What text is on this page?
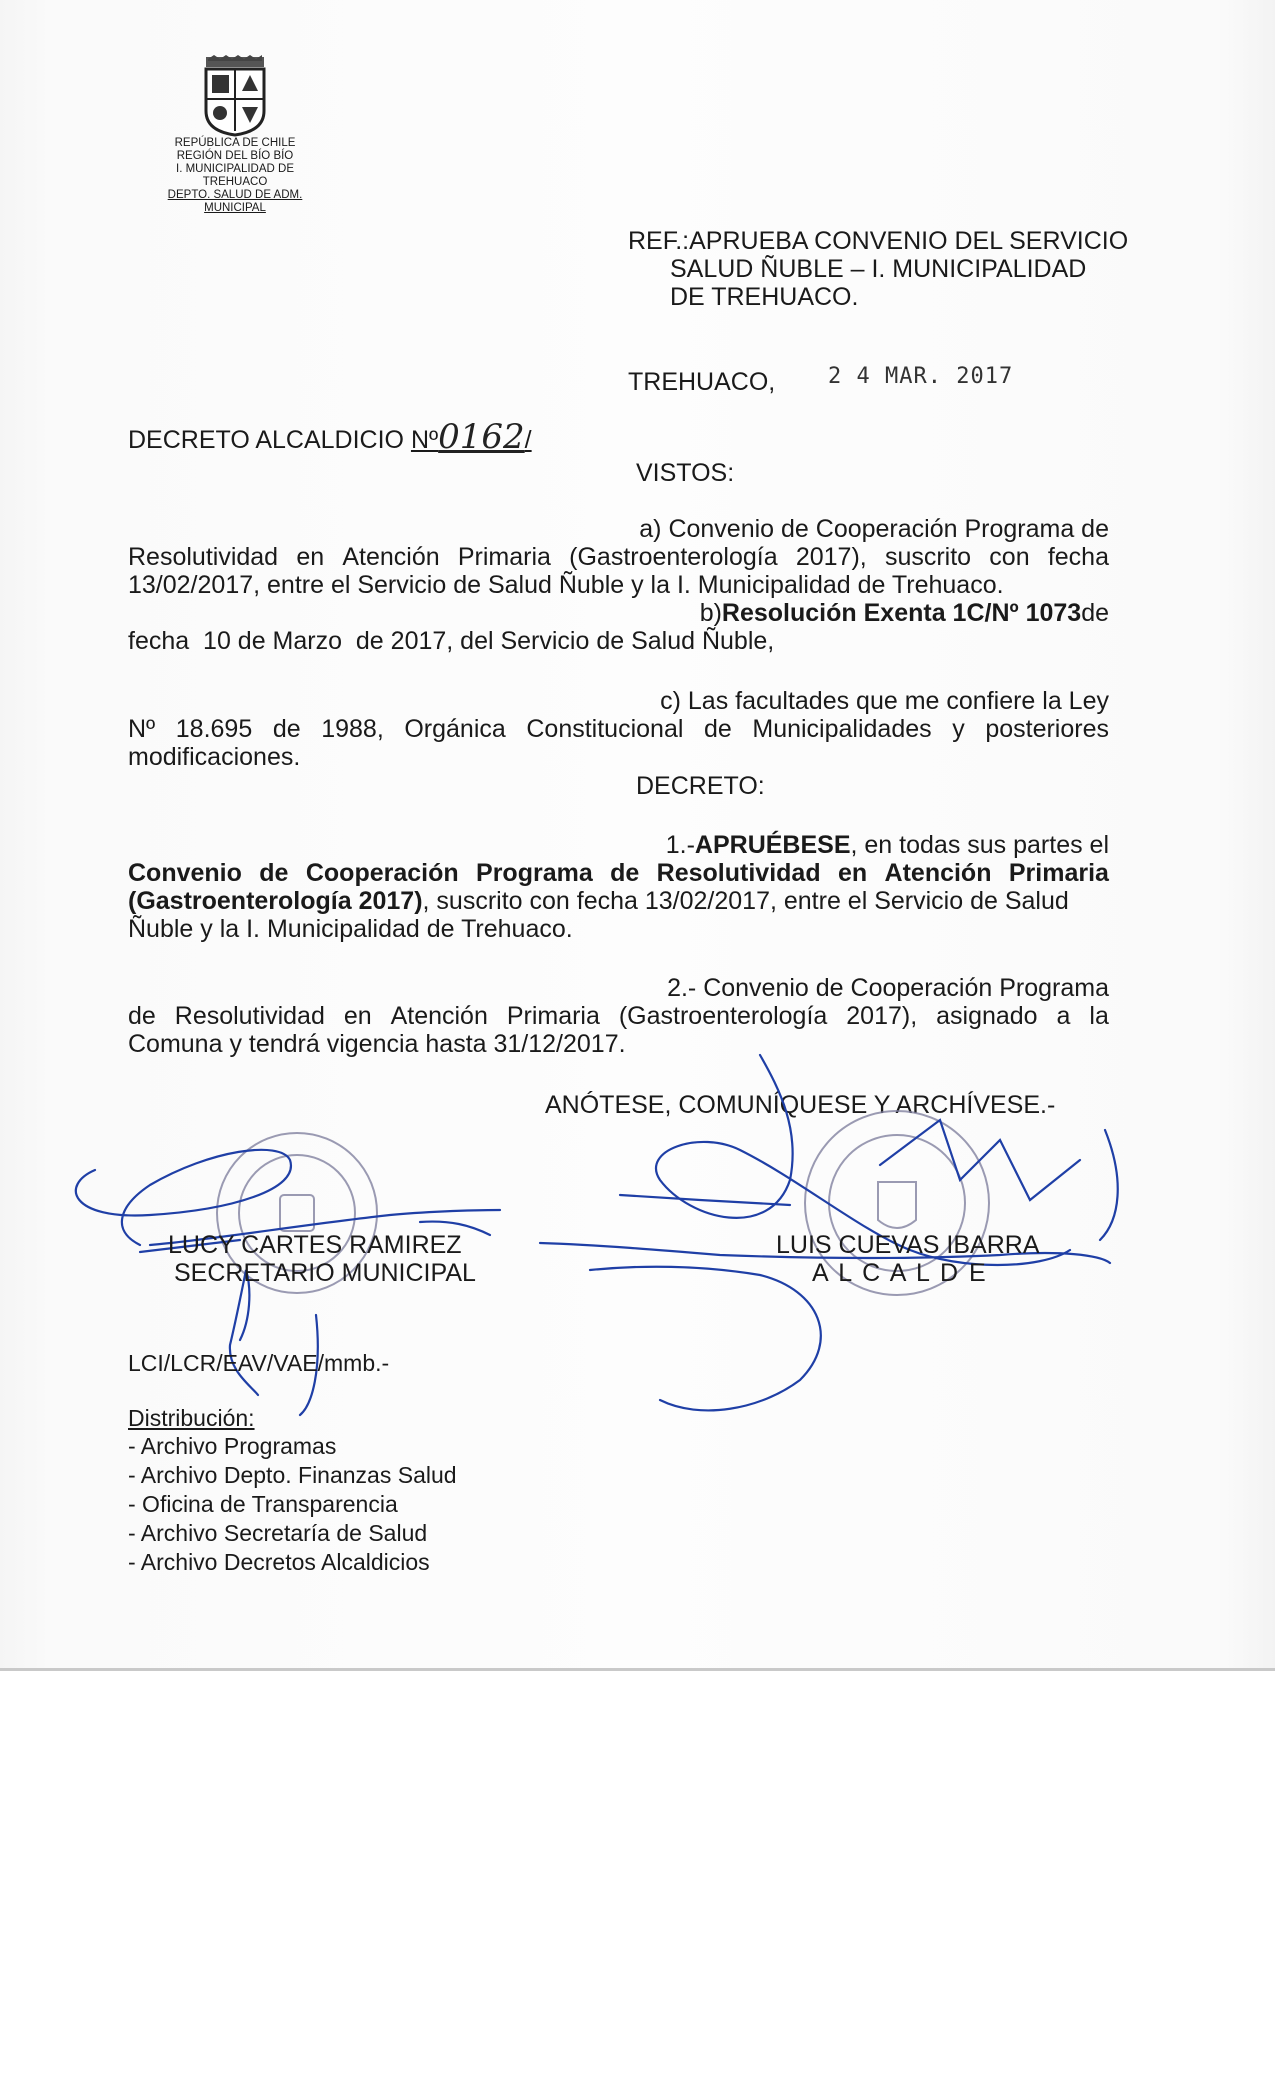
REPÚBLICA DE CHILE
REGIÓN DEL BÍO BÍO
I. MUNICIPALIDAD DE TREHUACO
DEPTO. SALUD DE ADM. MUNICIPAL
REF.:APRUEBA CONVENIO DEL SERVICIO
SALUD ÑUBLE – I. MUNICIPALIDAD
DE TREHUACO.
TREHUACO, 2 4 MAR. 2017
DECRETO ALCALDICIO Nº0162/
VISTOS:
a) Convenio de Cooperación Programa de
Resolutividad en Atención Primaria (Gastroenterología 2017), suscrito con fecha
13/02/2017, entre el Servicio de Salud Ñuble y la I. Municipalidad de Trehuaco.
b)Resolución Exenta 1C/Nº 1073de
fecha  10 de Marzo  de 2017, del Servicio de Salud Ñuble,
c) Las facultades que me confiere la Ley
Nº 18.695 de 1988, Orgánica Constitucional de Municipalidades y posteriores
modificaciones.
DECRETO:
1.-APRUÉBESE, en todas sus partes el
Convenio de Cooperación Programa de Resolutividad en Atención Primaria
(Gastroenterología 2017), suscrito con fecha 13/02/2017, entre el Servicio de Salud
Ñuble y la I. Municipalidad de Trehuaco.
2.- Convenio de Cooperación Programa
de Resolutividad en Atención Primaria (Gastroenterología 2017), asignado a la
Comuna y tendrá vigencia hasta 31/12/2017.
ANÓTESE, COMUNÍQUESE Y ARCHÍVESE.-
LUCY CARTES RAMIREZ
SECRETARIO MUNICIPAL
LUIS CUEVAS IBARRA
A L C A L D E
LCI/LCR/EAV/VAE/mmb.-
Distribución:
- Archivo Programas
- Archivo Depto. Finanzas Salud
- Oficina de Transparencia
- Archivo Secretaría de Salud
- Archivo Decretos Alcaldicios
